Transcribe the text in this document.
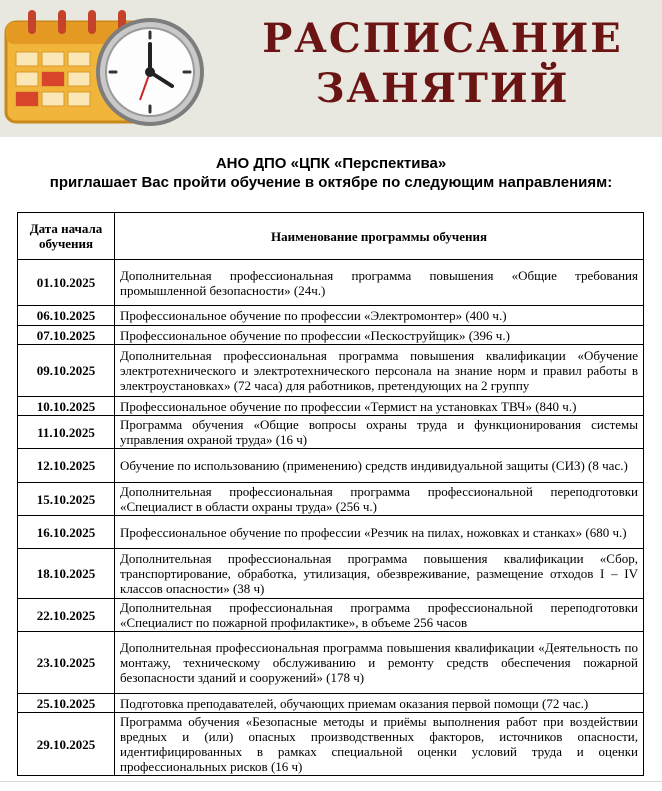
РАСПИСАНИЕ
ЗАНЯТИЙ
АНО ДПО «ЦПК «Перспектива»
приглашает Вас пройти обучение в октябре по следующим направлениям:
Дата начала обучения	Наименование программы обучения
01.10.2025	Дополнительная профессиональная программа повышения «Общие требования промышленной безопасности» (24ч.)
06.10.2025	Профессиональное обучение по профессии «Электромонтер» (400 ч.)
07.10.2025	Профессиональное обучение по профессии «Пескоструйщик» (396 ч.)
09.10.2025	Дополнительная профессиональная программа повышения квалификации «Обучение электротехнического и электротехнического персонала на знание норм и правил работы в электроустановках» (72 часа) для работников, претендующих на 2 группу
10.10.2025	Профессиональное обучение по профессии «Термист на установках ТВЧ» (840 ч.)
11.10.2025	Программа обучения «Общие вопросы охраны труда и функционирования системы управления охраной труда» (16 ч)
12.10.2025	Обучение по использованию (применению) средств индивидуальной защиты (СИЗ) (8 час.)
15.10.2025	Дополнительная профессиональная программа профессиональной переподготовки «Специалист в области охраны труда» (256 ч.)
16.10.2025	Профессиональное обучение по профессии «Резчик на пилах, ножовках и станках» (680 ч.)
18.10.2025	Дополнительная профессиональная программа повышения квалификации «Сбор, транспортирование, обработка, утилизация, обезвреживание, размещение отходов I – IV классов опасности» (38 ч)
22.10.2025	Дополнительная профессиональная программа профессиональной переподготовки «Специалист по пожарной профилактике», в объеме 256 часов
23.10.2025	Дополнительная профессиональная программа повышения квалификации «Деятельность по монтажу, техническому обслуживанию и ремонту средств обеспечения пожарной безопасности зданий и сооружений» (178 ч)
25.10.2025	Подготовка преподавателей, обучающих приемам оказания первой помощи (72 час.)
29.10.2025	Программа обучения «Безопасные методы и приёмы выполнения работ при воздействии вредных и (или) опасных производственных факторов, источников опасности, идентифицированных в рамках специальной оценки условий труда и оценки профессиональных рисков (16 ч)
